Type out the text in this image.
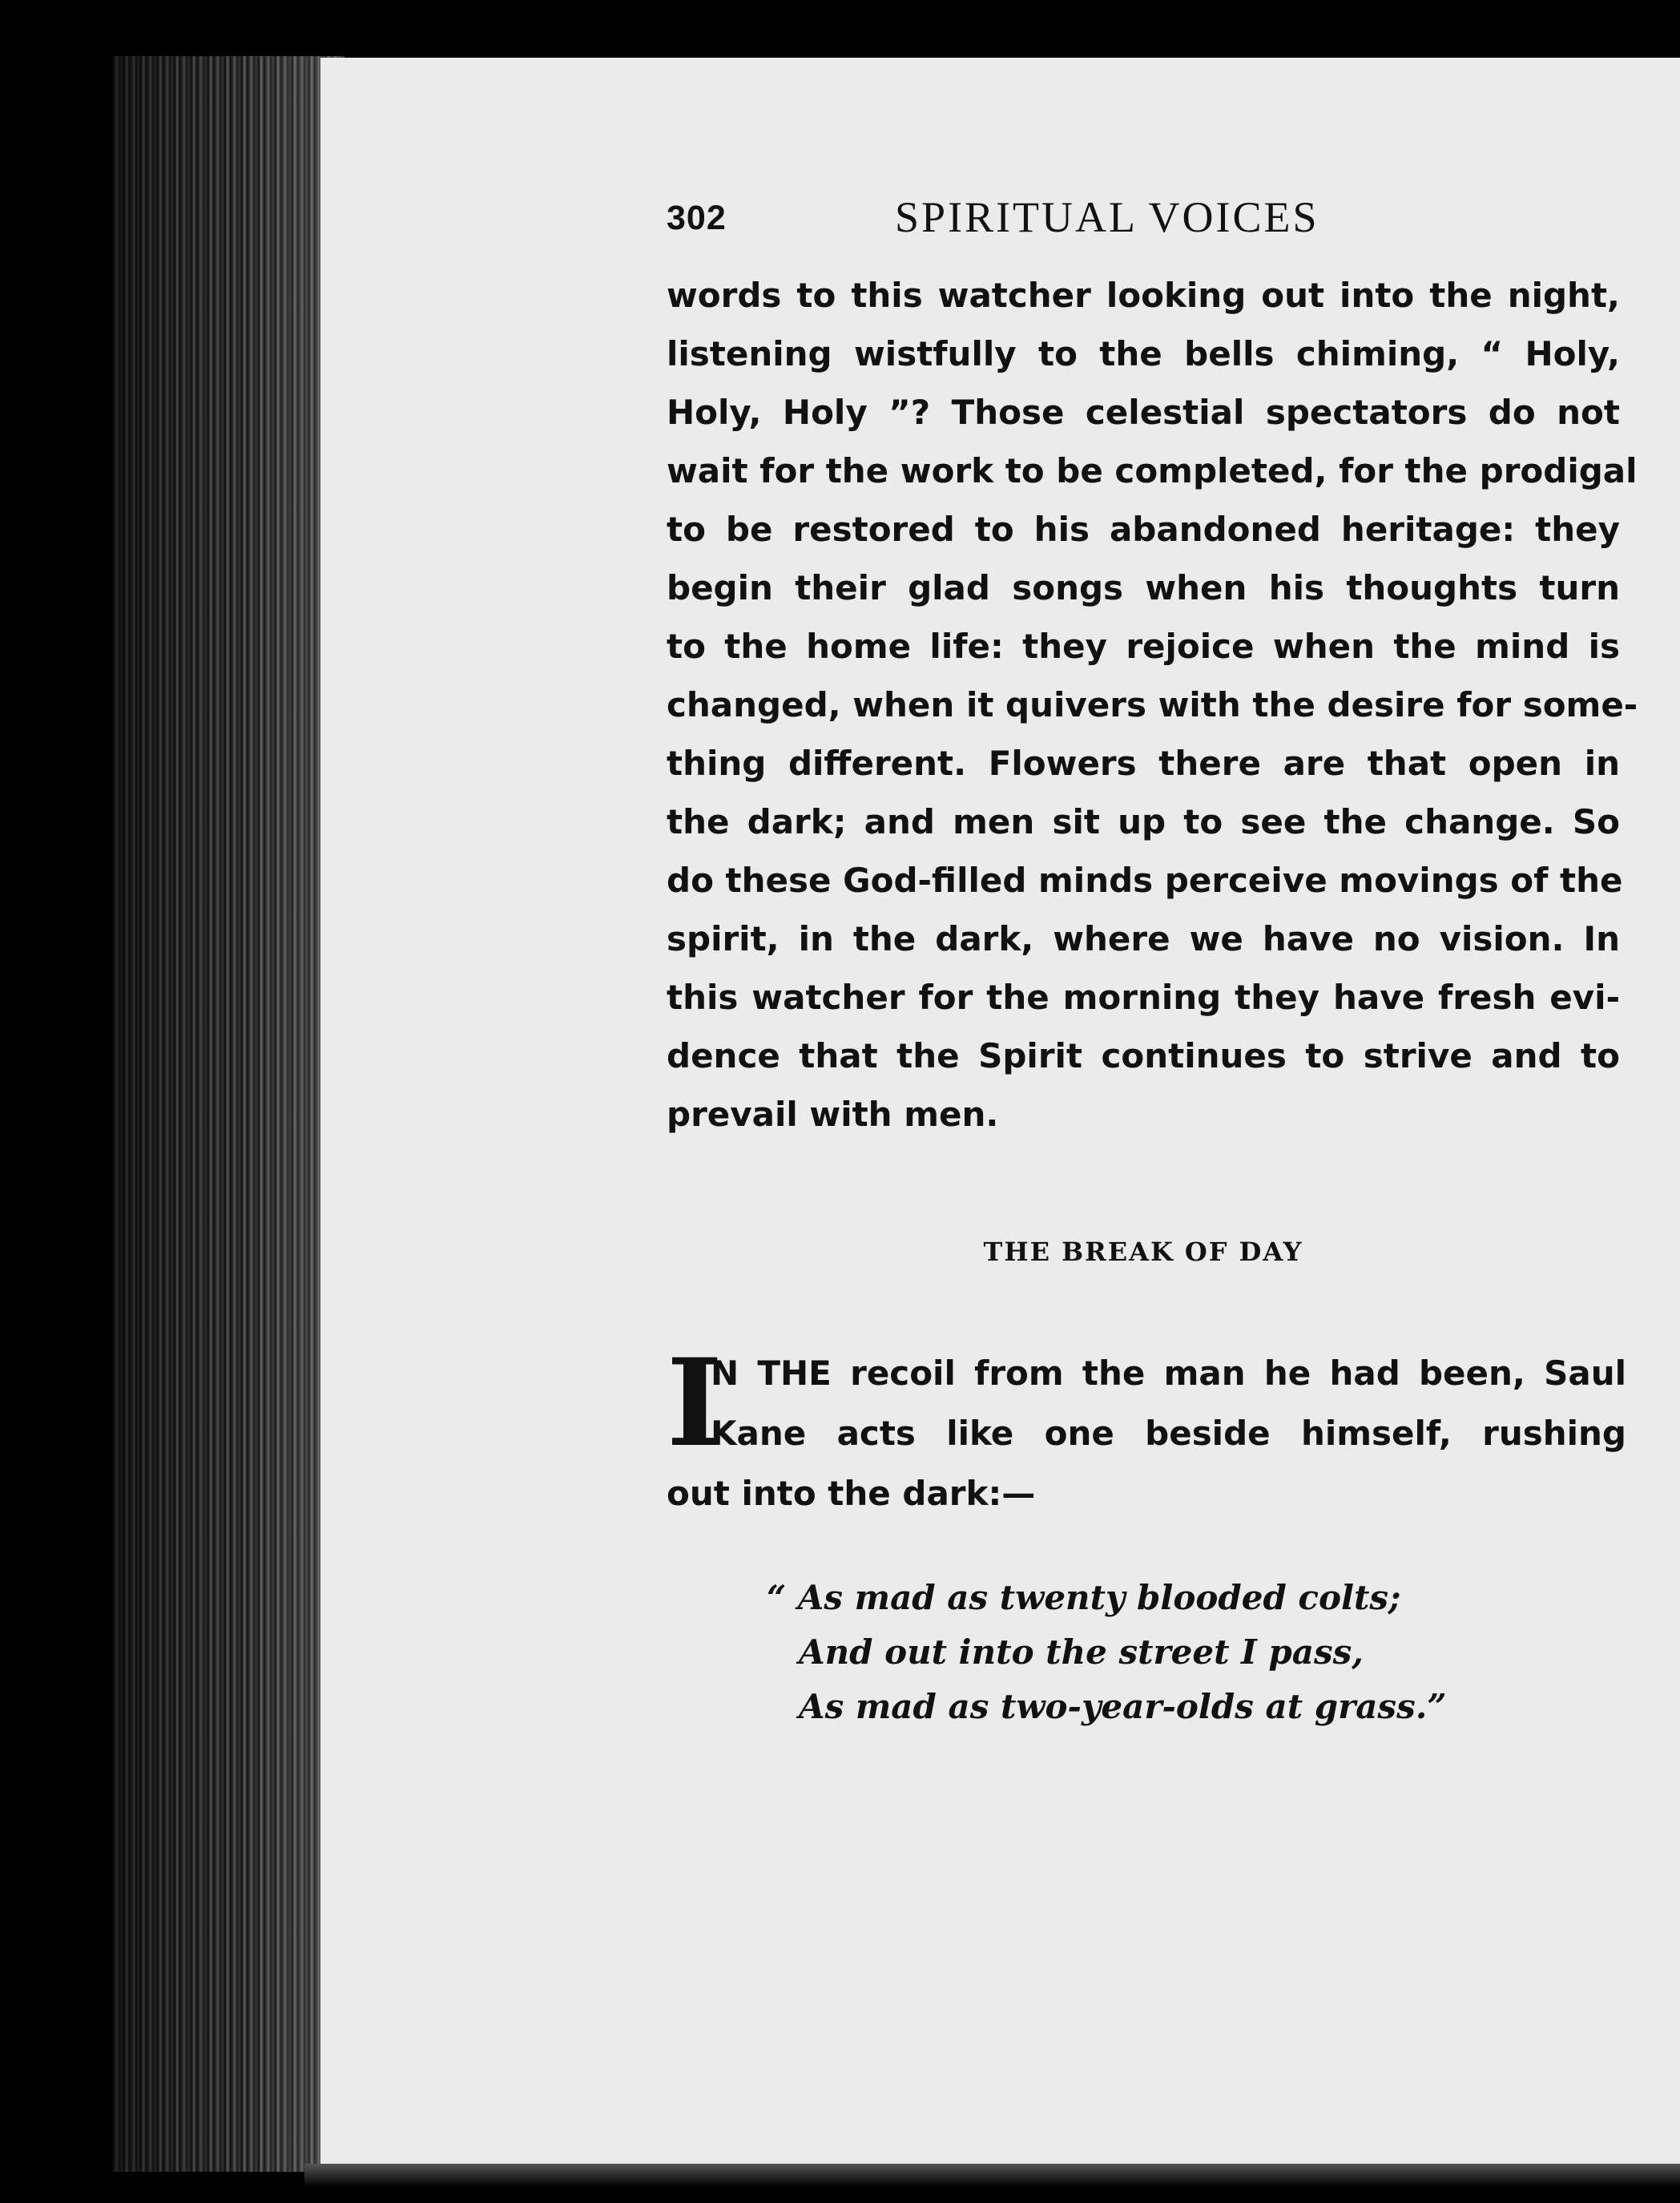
302	SPIRITUAL VOICES
words to this watcher looking out into the night,
listening wistfully to the bells chiming, “ Holy,
Holy, Holy ”? Those celestial spectators do not
wait for the work to be completed, for the prodigal
to be restored to his abandoned heritage: they
begin their glad songs when his thoughts turn
to the home life: they rejoice when the mind is
changed, when it quivers with the desire for some-
thing different. Flowers there are that open in
the dark; and men sit up to see the change. So
do these God-filled minds perceive movings of the
spirit, in the dark, where we have no vision. In
this watcher for the morning they have fresh evi-
dence that the Spirit continues to strive and to
prevail with men.
THE BREAK OF DAY
I
N THE recoil from the man he had been, Saul
Kane acts like one beside himself, rushing
out into the dark:—
“ As mad as twenty blooded colts;
And out into the street I pass,
As mad as two-year-olds at grass.”
